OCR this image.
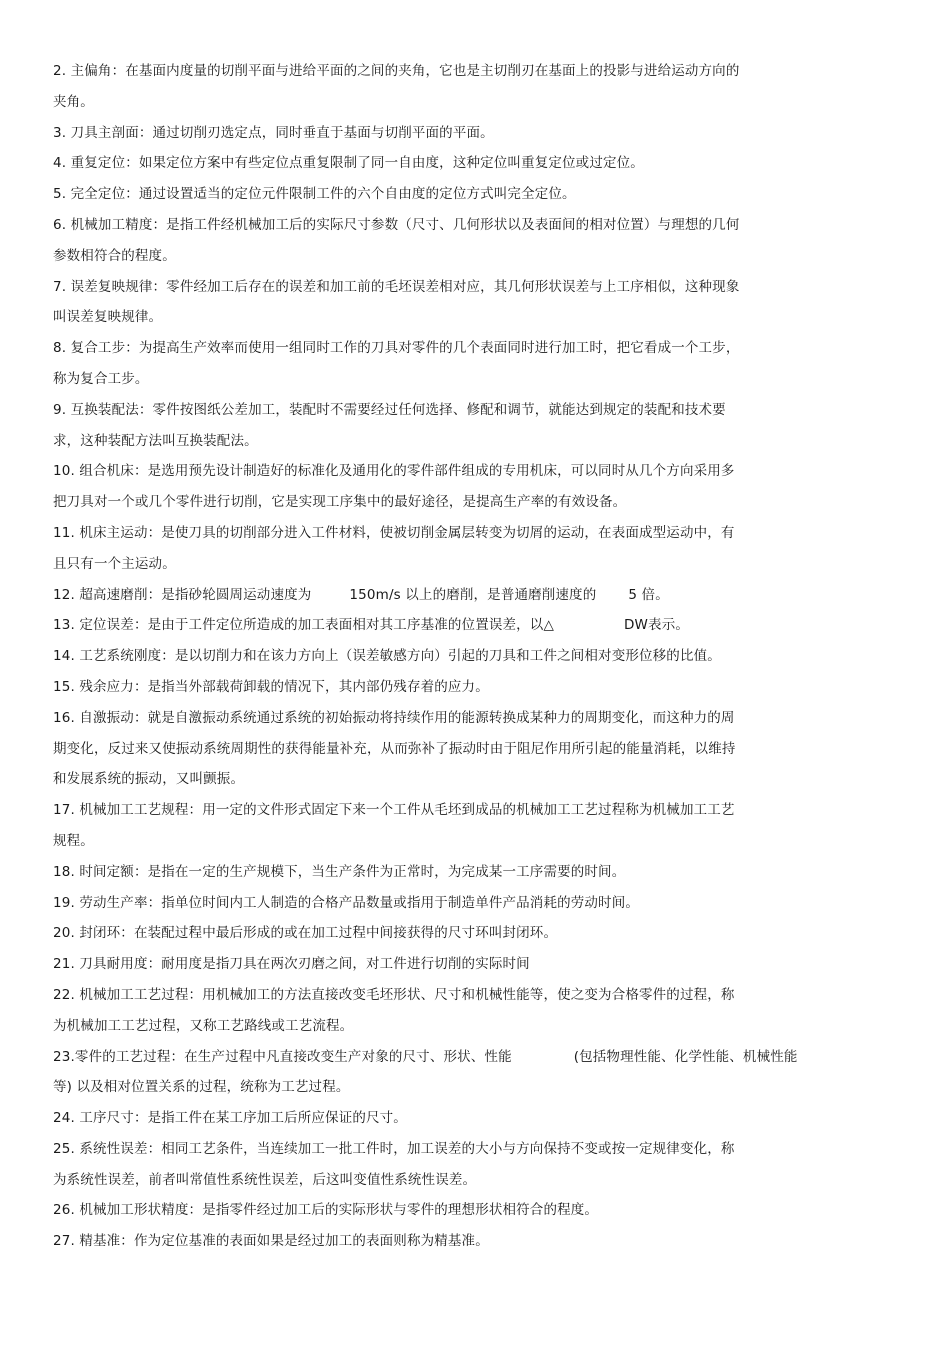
2. 主偏角：在基面内度量的切削平面与进给平面的之间的夹角，它也是主切削刃在基面上的投影与进给运动方向的
夹角。
3. 刀具主剖面：通过切削刃选定点，同时垂直于基面与切削平面的平面。
4. 重复定位：如果定位方案中有些定位点重复限制了同一自由度，这种定位叫重复定位或过定位。
5. 完全定位：通过设置适当的定位元件限制工件的六个自由度的定位方式叫完全定位。
6. 机械加工精度：是指工件经机械加工后的实际尺寸参数（尺寸、几何形状以及表面间的相对位置）与理想的几何
参数相符合的程度。
7. 误差复映规律：零件经加工后存在的误差和加工前的毛坯误差相对应，其几何形状误差与上工序相似，这种现象
叫误差复映规律。
8. 复合工步：为提高生产效率而使用一组同时工作的刀具对零件的几个表面同时进行加工时，把它看成一个工步，
称为复合工步。
9. 互换装配法：零件按图纸公差加工，装配时不需要经过任何选择、修配和调节，就能达到规定的装配和技术要
求，这种装配方法叫互换装配法。
10. 组合机床：是选用预先设计制造好的标准化及通用化的零件部件组成的专用机床，可以同时从几个方向采用多
把刀具对一个或几个零件进行切削，它是实现工序集中的最好途径，是提高生产率的有效设备。
11. 机床主运动：是使刀具的切削部分进入工件材料，使被切削金属层转变为切屑的运动，在表面成型运动中，有
且只有一个主运动。
12. 超高速磨削：是指砂轮圆周运动速度为	150m/s 以上的磨削，是普通磨削速度的 5 倍。
13. 定位误差：是由于工件定位所造成的加工表面相对其工序基准的位置误差，以△	DW表示。
14. 工艺系统刚度：是以切削力和在该力方向上（误差敏感方向）引起的刀具和工件之间相对变形位移的比值。
15. 残余应力：是指当外部载荷卸载的情况下，其内部仍残存着的应力。
16. 自激振动：就是自激振动系统通过系统的初始振动将持续作用的能源转换成某种力的周期变化，而这种力的周
期变化，反过来又使振动系统周期性的获得能量补充，从而弥补了振动时由于阻尼作用所引起的能量消耗，以维持
和发展系统的振动，又叫颤振。
17. 机械加工工艺规程：用一定的文件形式固定下来一个工件从毛坯到成品的机械加工工艺过程称为机械加工工艺
规程。
18. 时间定额：是指在一定的生产规模下，当生产条件为正常时，为完成某一工序需要的时间。
19. 劳动生产率：指单位时间内工人制造的合格产品数量或指用于制造单件产品消耗的劳动时间。
20. 封闭环：在装配过程中最后形成的或在加工过程中间接获得的尺寸环叫封闭环。
21. 刀具耐用度：耐用度是指刀具在两次刃磨之间，对工件进行切削的实际时间
22. 机械加工工艺过程：用机械加工的方法直接改变毛坯形状、尺寸和机械性能等，使之变为合格零件的过程，称
为机械加工工艺过程，又称工艺路线或工艺流程。
23.零件的工艺过程：在生产过程中凡直接改变生产对象的尺寸、形状、性能	(包括物理性能、化学性能、机械性能
等) 以及相对位置关系的过程，统称为工艺过程。
24. 工序尺寸：是指工件在某工序加工后所应保证的尺寸。
25. 系统性误差：相同工艺条件，当连续加工一批工件时，加工误差的大小与方向保持不变或按一定规律变化，称
为系统性误差，前者叫常值性系统性误差，后这叫变值性系统性误差。
26. 机械加工形状精度：是指零件经过加工后的实际形状与零件的理想形状相符合的程度。
27. 精基准：作为定位基准的表面如果是经过加工的表面则称为精基准。
